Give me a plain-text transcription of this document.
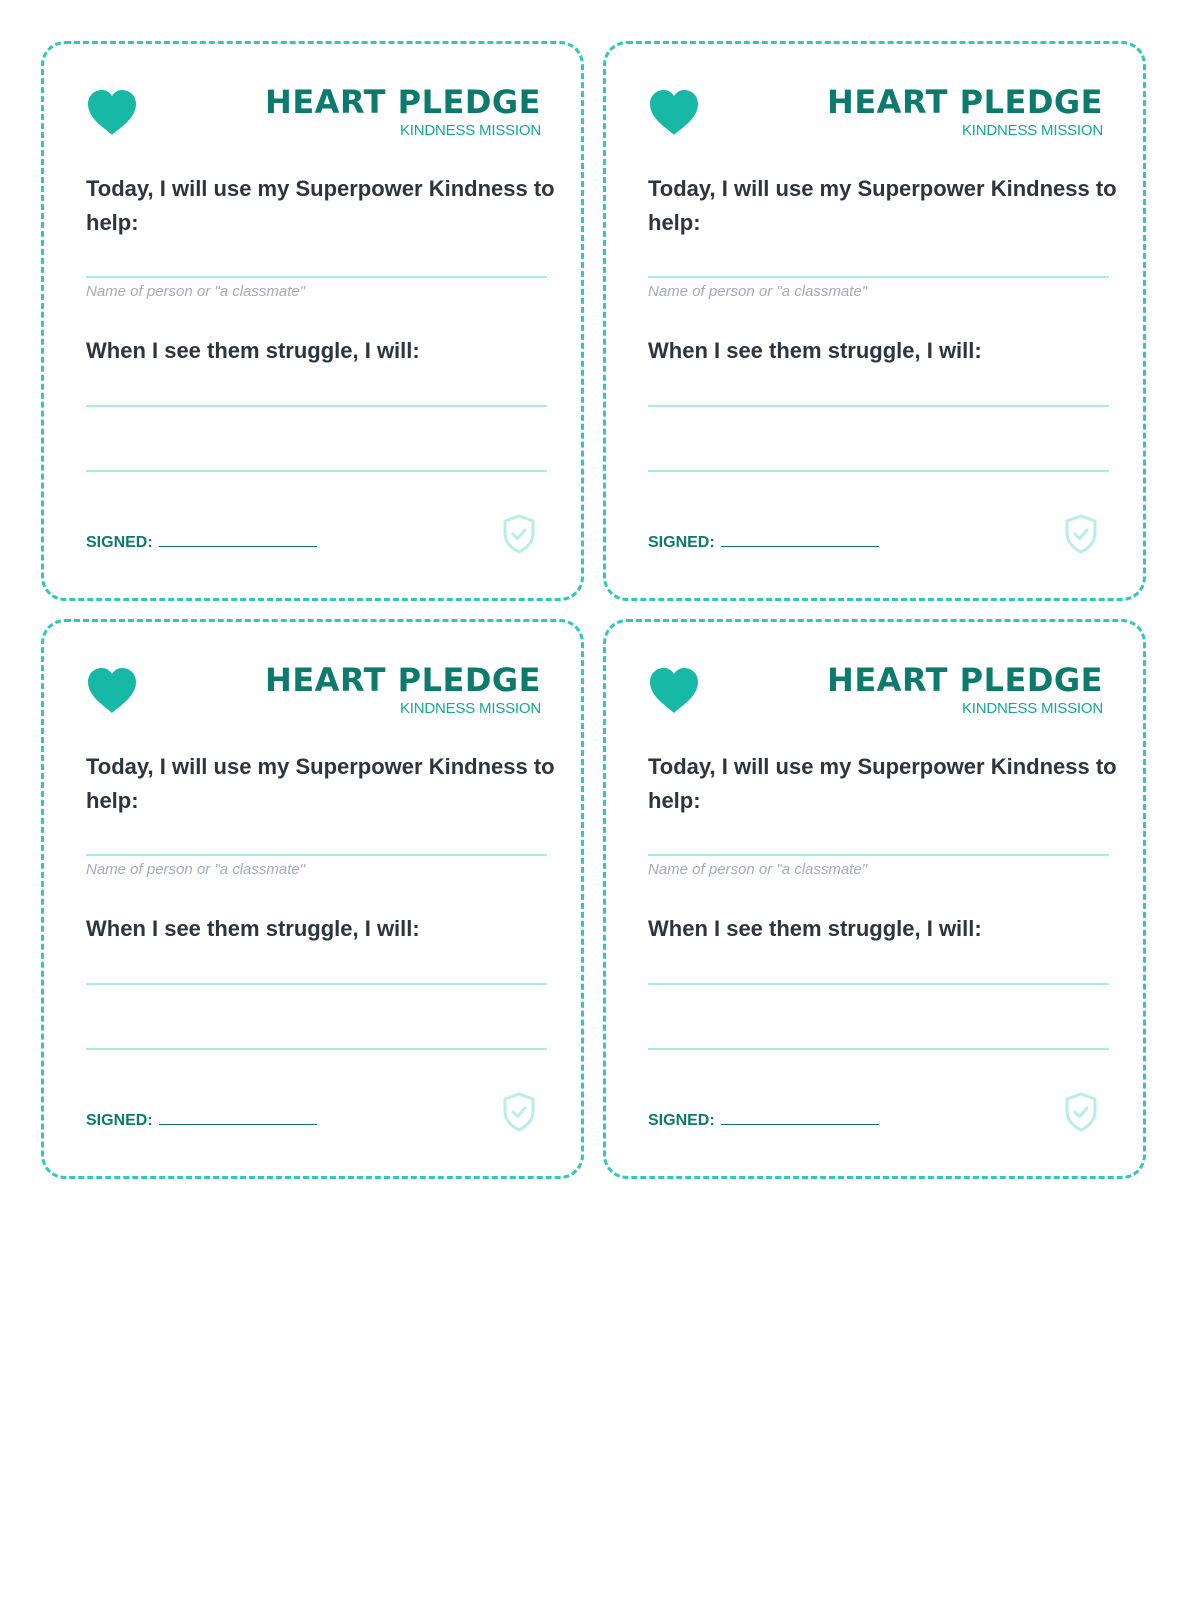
HEART PLEDGE
KINDNESS MISSION
Today, I will use my Superpower Kindness to help:
Name of person or "a classmate"
When I see them struggle, I will:
SIGNED:
HEART PLEDGE
KINDNESS MISSION
Today, I will use my Superpower Kindness to help:
Name of person or "a classmate"
When I see them struggle, I will:
SIGNED:
HEART PLEDGE
KINDNESS MISSION
Today, I will use my Superpower Kindness to help:
Name of person or "a classmate"
When I see them struggle, I will:
SIGNED:
HEART PLEDGE
KINDNESS MISSION
Today, I will use my Superpower Kindness to help:
Name of person or "a classmate"
When I see them struggle, I will:
SIGNED:
